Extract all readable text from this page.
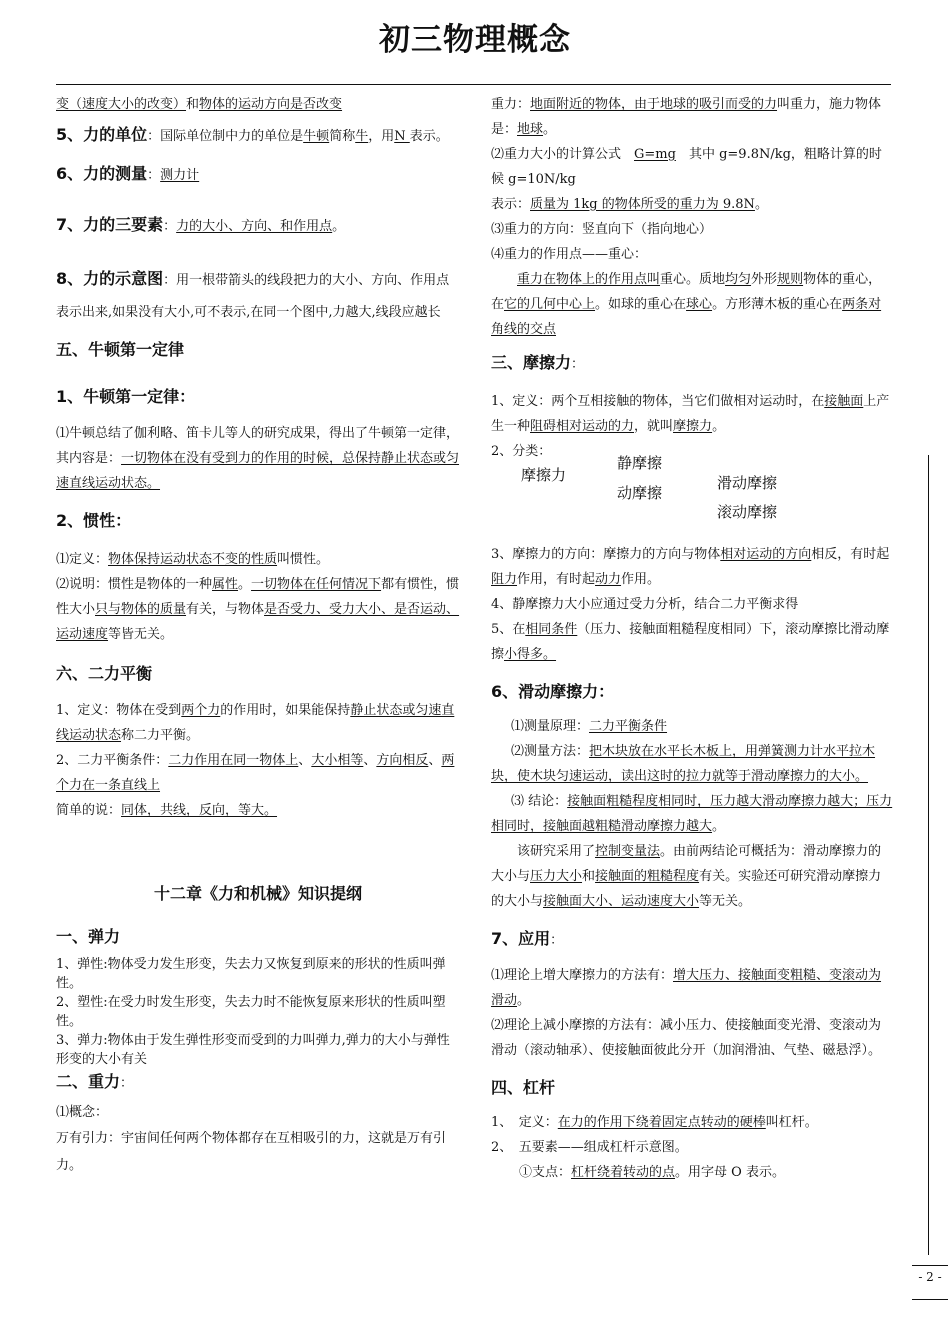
初三物理概念

变（速度大小的改变）和物体的运动方向是否改变

5、力的单位：国际单位制中力的单位是牛顿简称牛，用N 表示。

6、力的测量：测力计

7、力的三要素：力的大小、方向、和作用点。

8、力的示意图：用一根带箭头的线段把力的大小、方向、作用点表示出来,如果没有大小,可不表示,在同一个图中,力越大,线段应越长

五、牛顿第一定律

1、牛顿第一定律：

⑴牛顿总结了伽利略、笛卡儿等人的研究成果，得出了牛顿第一定律，其内容是：一切物体在没有受到力的作用的时候，总保持静止状态或匀速直线运动状态。

2、惯性：

⑴定义：物体保持运动状态不变的性质叫惯性。

⑵说明：惯性是物体的一种属性。一切物体在任何情况下都有惯性，惯性大小只与物体的质量有关，与物体是否受力、受力大小、是否运动、运动速度等皆无关。

六、二力平衡

1、定义：物体在受到两个力的作用时，如果能保持静止状态或匀速直线运动状态称二力平衡。

2、二力平衡条件：二力作用在同一物体上、大小相等、方向相反、两个力在一条直线上

简单的说：同体，共线，反向，等大。

十二章《力和机械》知识提纲

一、弹力

1、弹性:物体受力发生形变，失去力又恢复到原来的形状的性质叫弹性。

2、塑性:在受力时发生形变，失去力时不能恢复原来形状的性质叫塑性。

3、弹力:物体由于发生弹性形变而受到的力叫弹力,弹力的大小与弹性形变的大小有关

二、重力：

⑴概念：

万有引力：宇宙间任何两个物体都存在互相吸引的力，这就是万有引力。

重力：地面附近的物体，由于地球的吸引而受的力叫重力，施力物体是：地球。

⑵重力大小的计算公式　G=mg　其中 g=9.8N/kg，粗略计算的时候 g=10N/kg

表示：质量为 1kg 的物体所受的重力为 9.8N。

⑶重力的方向：竖直向下（指向地心）

⑷重力的作用点——重心：

重力在物体上的作用点叫重心。质地均匀外形规则物体的重心，在它的几何中心上。如球的重心在球心。方形薄木板的重心在两条对角线的交点

三、摩擦力：

1、定义：两个互相接触的物体，当它们做相对运动时，在接触面上产生一种阻碍相对运动的力，就叫摩擦力。

2、分类：

摩擦力
静摩擦
动摩擦
滑动摩擦
滚动摩擦

3、摩擦力的方向：摩擦力的方向与物体相对运动的方向相反，有时起阻力作用，有时起动力作用。

4、静摩擦力大小应通过受力分析，结合二力平衡求得

5、在相同条件（压力、接触面粗糙程度相同）下，滚动摩擦比滑动摩擦小得多。

6、滑动摩擦力：

⑴测量原理：二力平衡条件

⑵测量方法：把木块放在水平长木板上，用弹簧测力计水平拉木块，使木块匀速运动，读出这时的拉力就等于滑动摩擦力的大小。

⑶ 结论：接触面粗糙程度相同时，压力越大滑动摩擦力越大；压力相同时，接触面越粗糙滑动摩擦力越大。

该研究采用了控制变量法。由前两结论可概括为：滑动摩擦力的大小与压力大小和接触面的粗糙程度有关。实验还可研究滑动摩擦力的大小与接触面大小、运动速度大小等无关。

7、应用：

⑴理论上增大摩擦力的方法有：增大压力、接触面变粗糙、变滚动为滑动。

⑵理论上减小摩擦的方法有：减小压力、使接触面变光滑、变滚动为滑动（滚动轴承）、使接触面彼此分开（加润滑油、气垫、磁悬浮）。

四、杠杆

1、　定义：在力的作用下绕着固定点转动的硬棒叫杠杆。

2、　五要素——组成杠杆示意图。

①支点：杠杆绕着转动的点。用字母 O 表示。

- 2 -
